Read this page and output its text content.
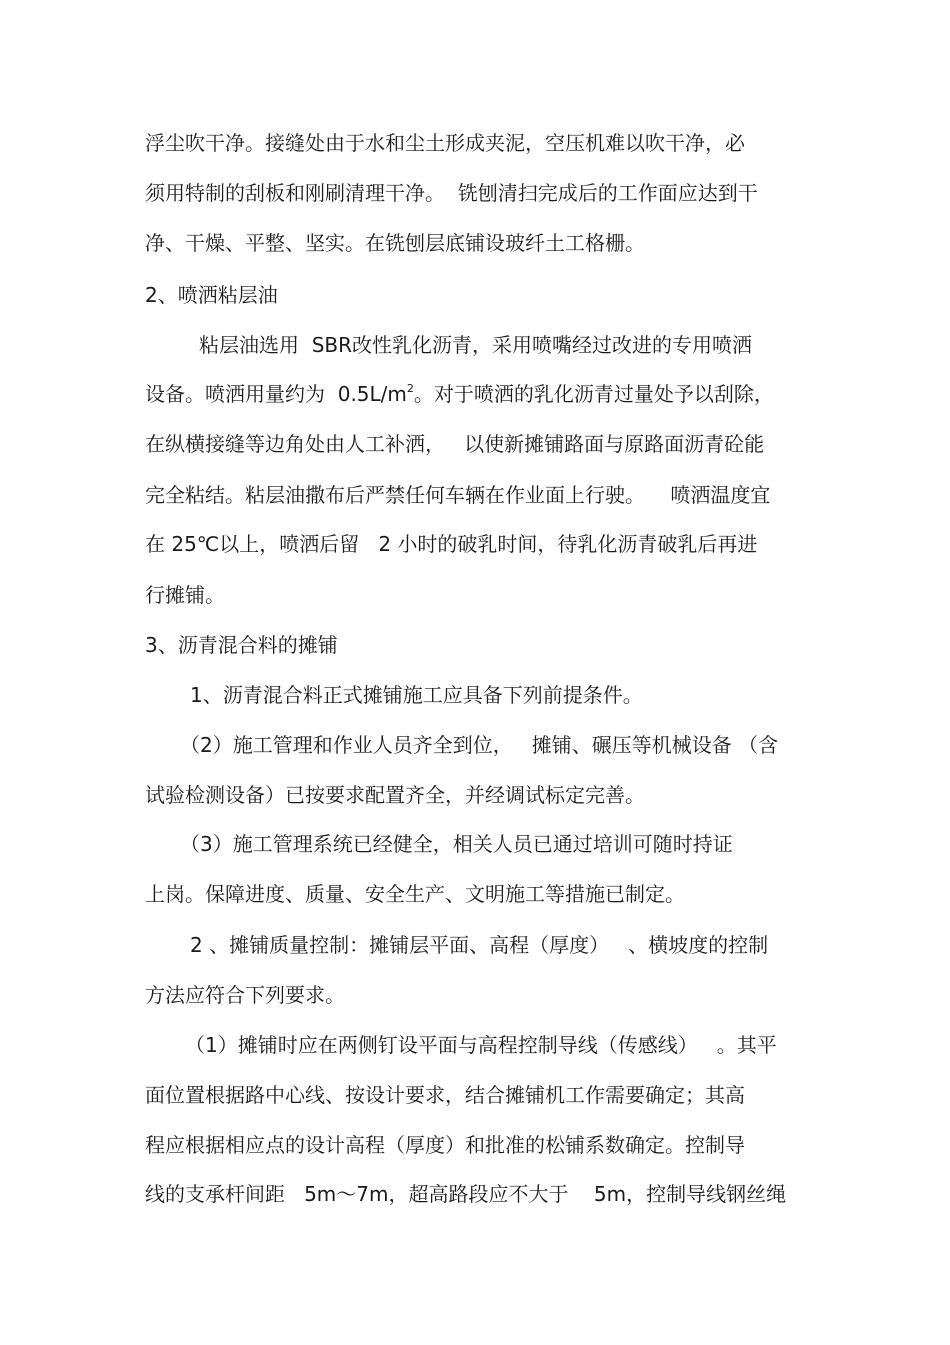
浮尘吹干净。接缝处由于水和尘土形成夹泥，空压机难以吹干净，必
须用特制的刮板和刚刷清理干净。  铣刨清扫完成后的工作面应达到干
净、干燥、平整、坚实。在铣刨层底铺设玻纤土工格栅。
2、喷洒粘层油
粘层油选用  SBR改性乳化沥青，采用喷嘴经过改进的专用喷洒
设备。喷洒用量约为  $0.5L/m^2$。对于喷洒的乳化沥青过量处予以刮除，
在纵横接缝等边角处由人工补洒，   以使新摊铺路面与原路面沥青砼能
完全粘结。粘层油撒布后严禁任何车辆在作业面上行驶。    喷洒温度宜
在 25℃以上，喷洒后留   2 小时的破乳时间，待乳化沥青破乳后再进
行摊铺。
3、沥青混合料的摊铺
1、沥青混合料正式摊铺施工应具备下列前提条件。
（2）施工管理和作业人员齐全到位，   摊铺、碾压等机械设备 （含
试验检测设备）已按要求配置齐全，并经调试标定完善。
（3）施工管理系统已经健全，相关人员已通过培训可随时持证
上岗。保障进度、质量、安全生产、文明施工等措施已制定。
2 、摊铺质量控制：摊铺层平面、高程（厚度）   、横坡度的控制
方法应符合下列要求。
（1）摊铺时应在两侧钉设平面与高程控制导线（传感线）   。其平
面位置根据路中心线、按设计要求，结合摊铺机工作需要确定；其高
程应根据相应点的设计高程（厚度）和批准的松铺系数确定。控制导
线的支承杆间距   5m～7m，超高路段应不大于    5m，控制导线钢丝绳
